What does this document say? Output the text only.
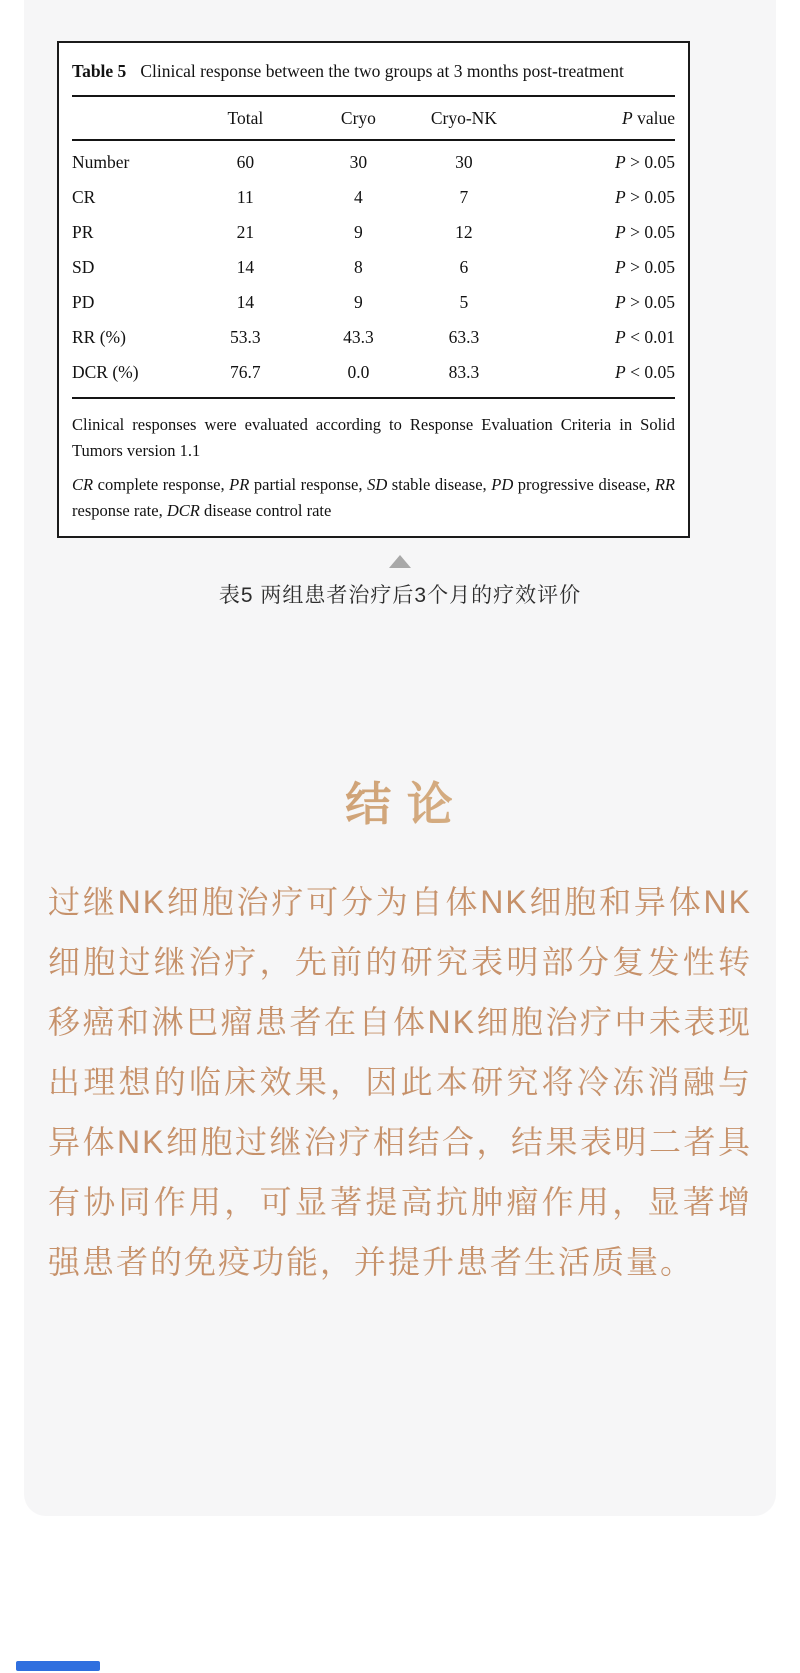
Table 5 Clinical response between the two groups at 3 months post-treatment
	Total	Cryo	Cryo-NK	P value
Number	60	30	30	P > 0.05
CR	11	4	7	P > 0.05
PR	21	9	12	P > 0.05
SD	14	8	6	P > 0.05
PD	14	9	5	P > 0.05
RR (%)	53.3	43.3	63.3	P < 0.01
DCR (%)	76.7	0.0	83.3	P < 0.05
Clinical responses were evaluated according to Response Evaluation Criteria in Solid Tumors version 1.1
CR complete response, PR partial response, SD stable disease, PD progressive disease, RR response rate, DCR disease control rate
表5 两组患者治疗后3个月的疗效评价
结 论

过继NK细胞治疗可分为自体NK细胞和异体NK细胞过继治疗，先前的研究表明部分复发性转移癌和淋巴瘤患者在自体NK细胞治疗中未表现出理想的临床效果，因此本研究将冷冻消融与异体NK细胞过继治疗相结合，结果表明二者具有协同作用，可显著提高抗肿瘤作用，显著增强患者的免疫功能，并提升患者生活质量。
